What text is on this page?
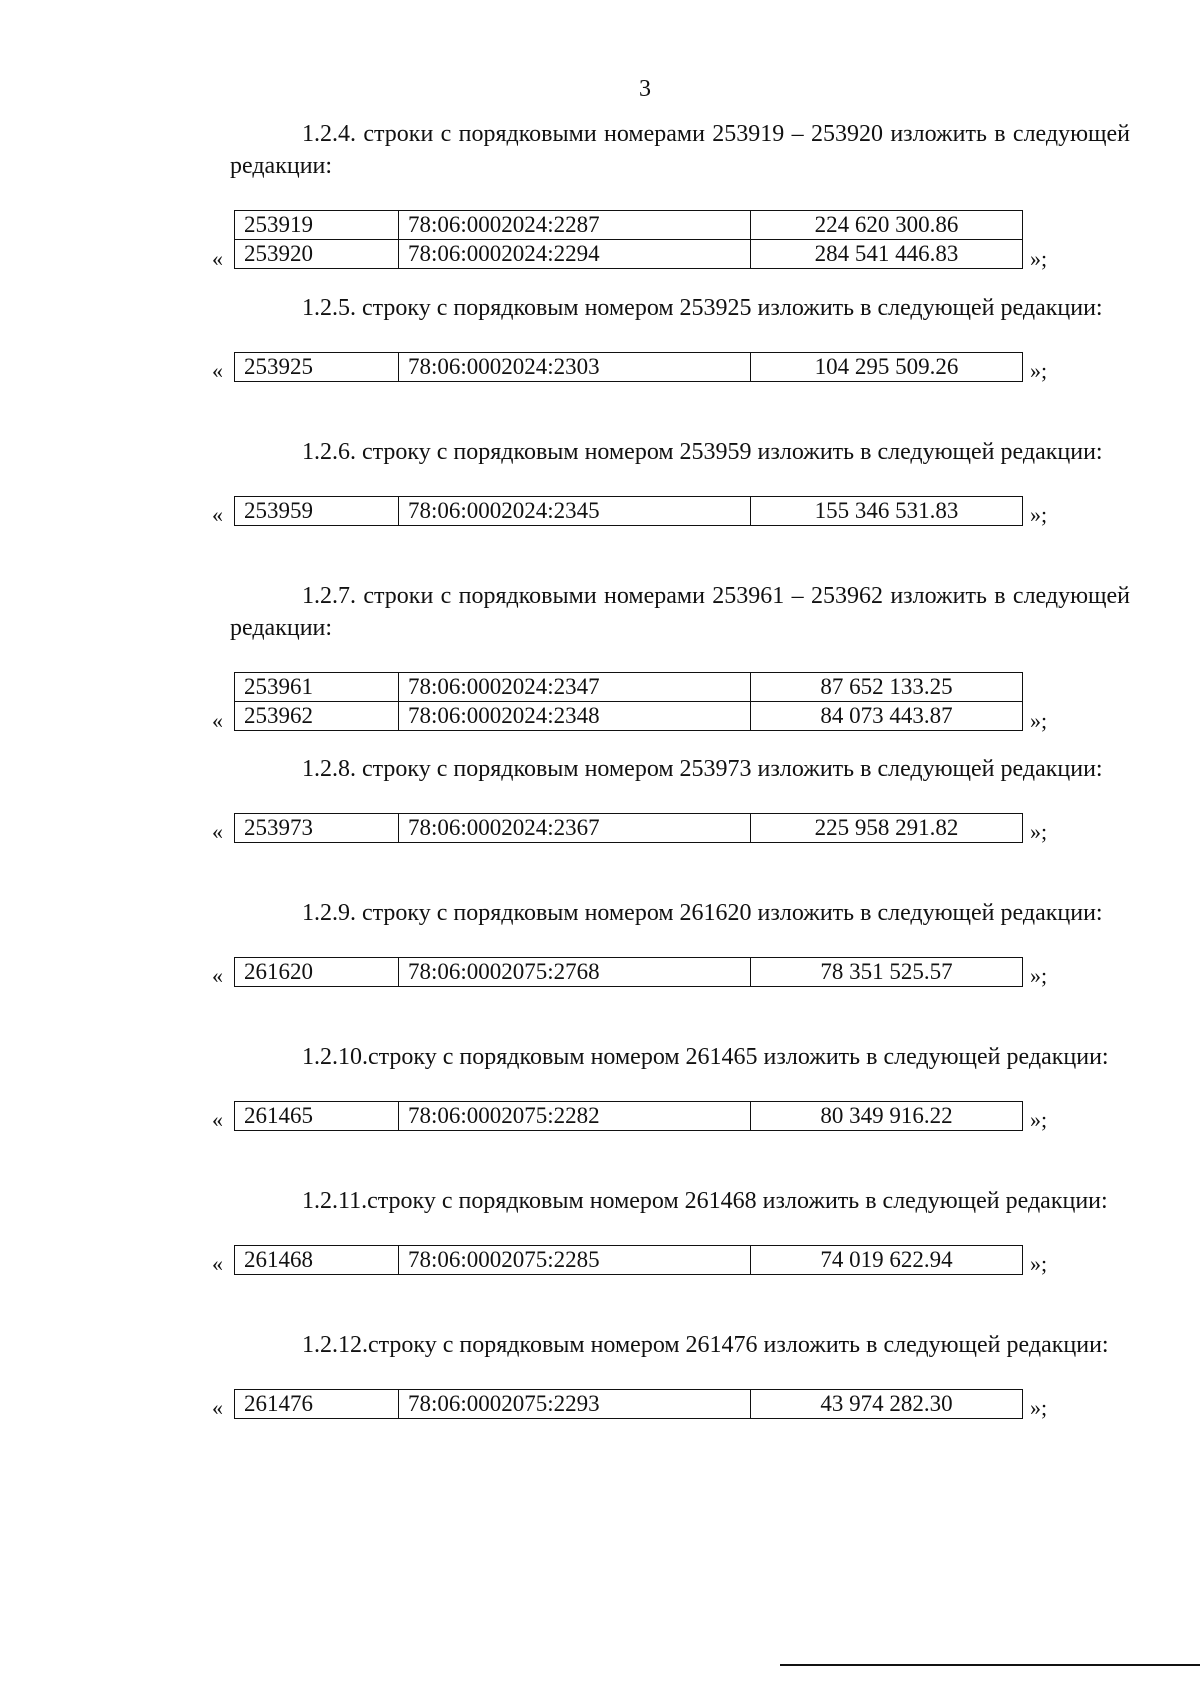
3

1.2.4. строки с порядковыми номерами 253919 – 253920 изложить в следующей редакции:

«
253919	78:06:0002024:2287	224 620 300.86
253920	78:06:0002024:2294	284 541 446.83	»;

1.2.5. строку с порядковым номером 253925 изложить в следующей редакции:

« 253925	78:06:0002024:2303	104 295 509.26	»;

1.2.6. строку с порядковым номером 253959 изложить в следующей редакции:

« 253959	78:06:0002024:2345	155 346 531.83	»;

1.2.7. строки с порядковыми номерами 253961 – 253962 изложить в следующей редакции:

«
253961	78:06:0002024:2347	87 652 133.25
253962	78:06:0002024:2348	84 073 443.87	»;

1.2.8. строку с порядковым номером 253973 изложить в следующей редакции:

« 253973	78:06:0002024:2367	225 958 291.82	»;

1.2.9. строку с порядковым номером 261620 изложить в следующей редакции:

« 261620	78:06:0002075:2768	78 351 525.57	»;

1.2.10.строку с порядковым номером 261465 изложить в следующей редакции:

« 261465	78:06:0002075:2282	80 349 916.22	»;

1.2.11.строку с порядковым номером 261468 изложить в следующей редакции:

« 261468	78:06:0002075:2285	74 019 622.94	»;

1.2.12.строку с порядковым номером 261476 изложить в следующей редакции:

« 261476	78:06:0002075:2293	43 974 282.30	»;
